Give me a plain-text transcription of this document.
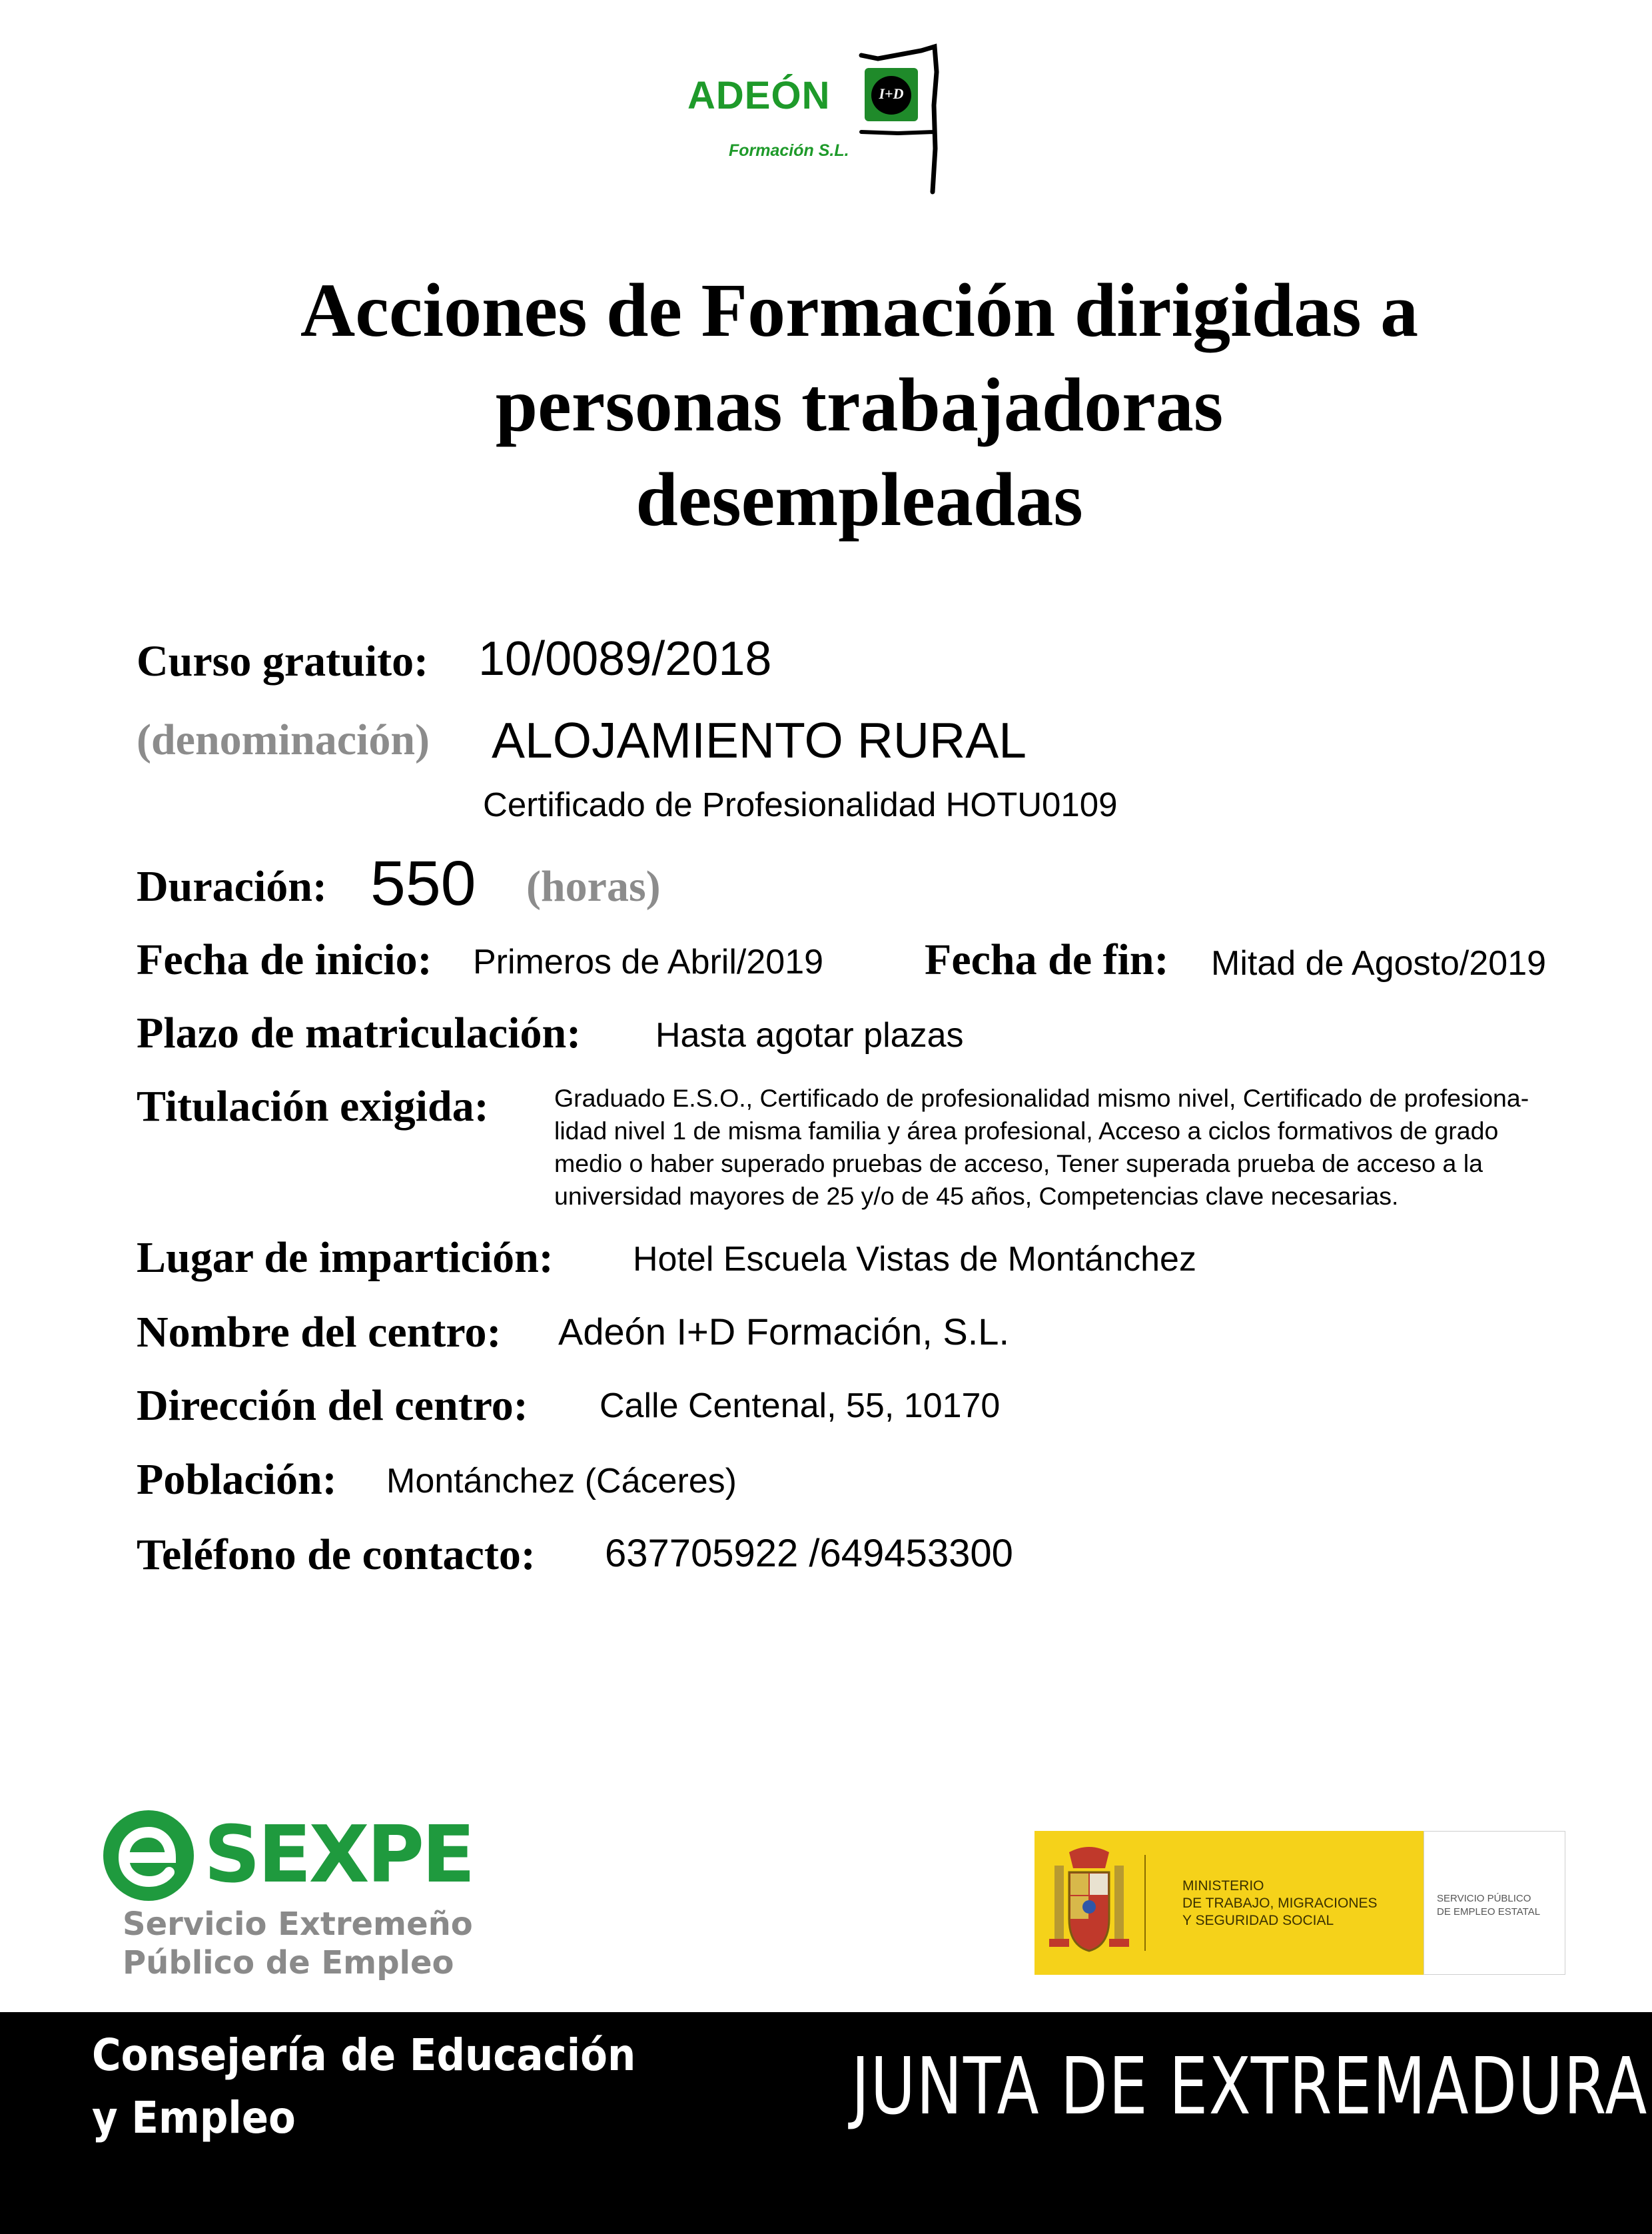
ADEÓN	I+D
Formación S.L.
Acciones de Formación dirigidas a
personas trabajadoras
desempleadas
Curso gratuito: 10/0089/2018
(denominación) ALOJAMIENTO RURAL
Certificado de Profesionalidad HOTU0109
Duración: 550 (horas)
Fecha de inicio: Primeros de Abril/2019 Fecha de fin: Mitad de Agosto/2019
Plazo de matriculación: Hasta agotar plazas
Titulación exigida:	Graduado E.S.O., Certificado de profesionalidad mismo nivel, Certificado de profesiona-
lidad nivel 1 de misma familia y área profesional, Acceso a ciclos formativos de grado
medio o haber superado pruebas de acceso, Tener superada prueba de acceso a la
universidad mayores de 25 y/o de 45 años, Competencias clave necesarias.
Lugar de impartición: Hotel Escuela Vistas de Montánchez
Nombre del centro: Adeón I+D Formación, S.L.
Dirección del centro: Calle Centenal, 55, 10170
Población: Montánchez (Cáceres)
Teléfono de contacto: 637705922 /649453300
SEXPE
Servicio Extremeño
Público de Empleo
MINISTERIO
DE TRABAJO, MIGRACIONES
Y SEGURIDAD SOCIAL
SERVICIO PÚBLICO
DE EMPLEO ESTATAL
Consejería de Educación
y Empleo	JUNTA DE EXTREMADURA
